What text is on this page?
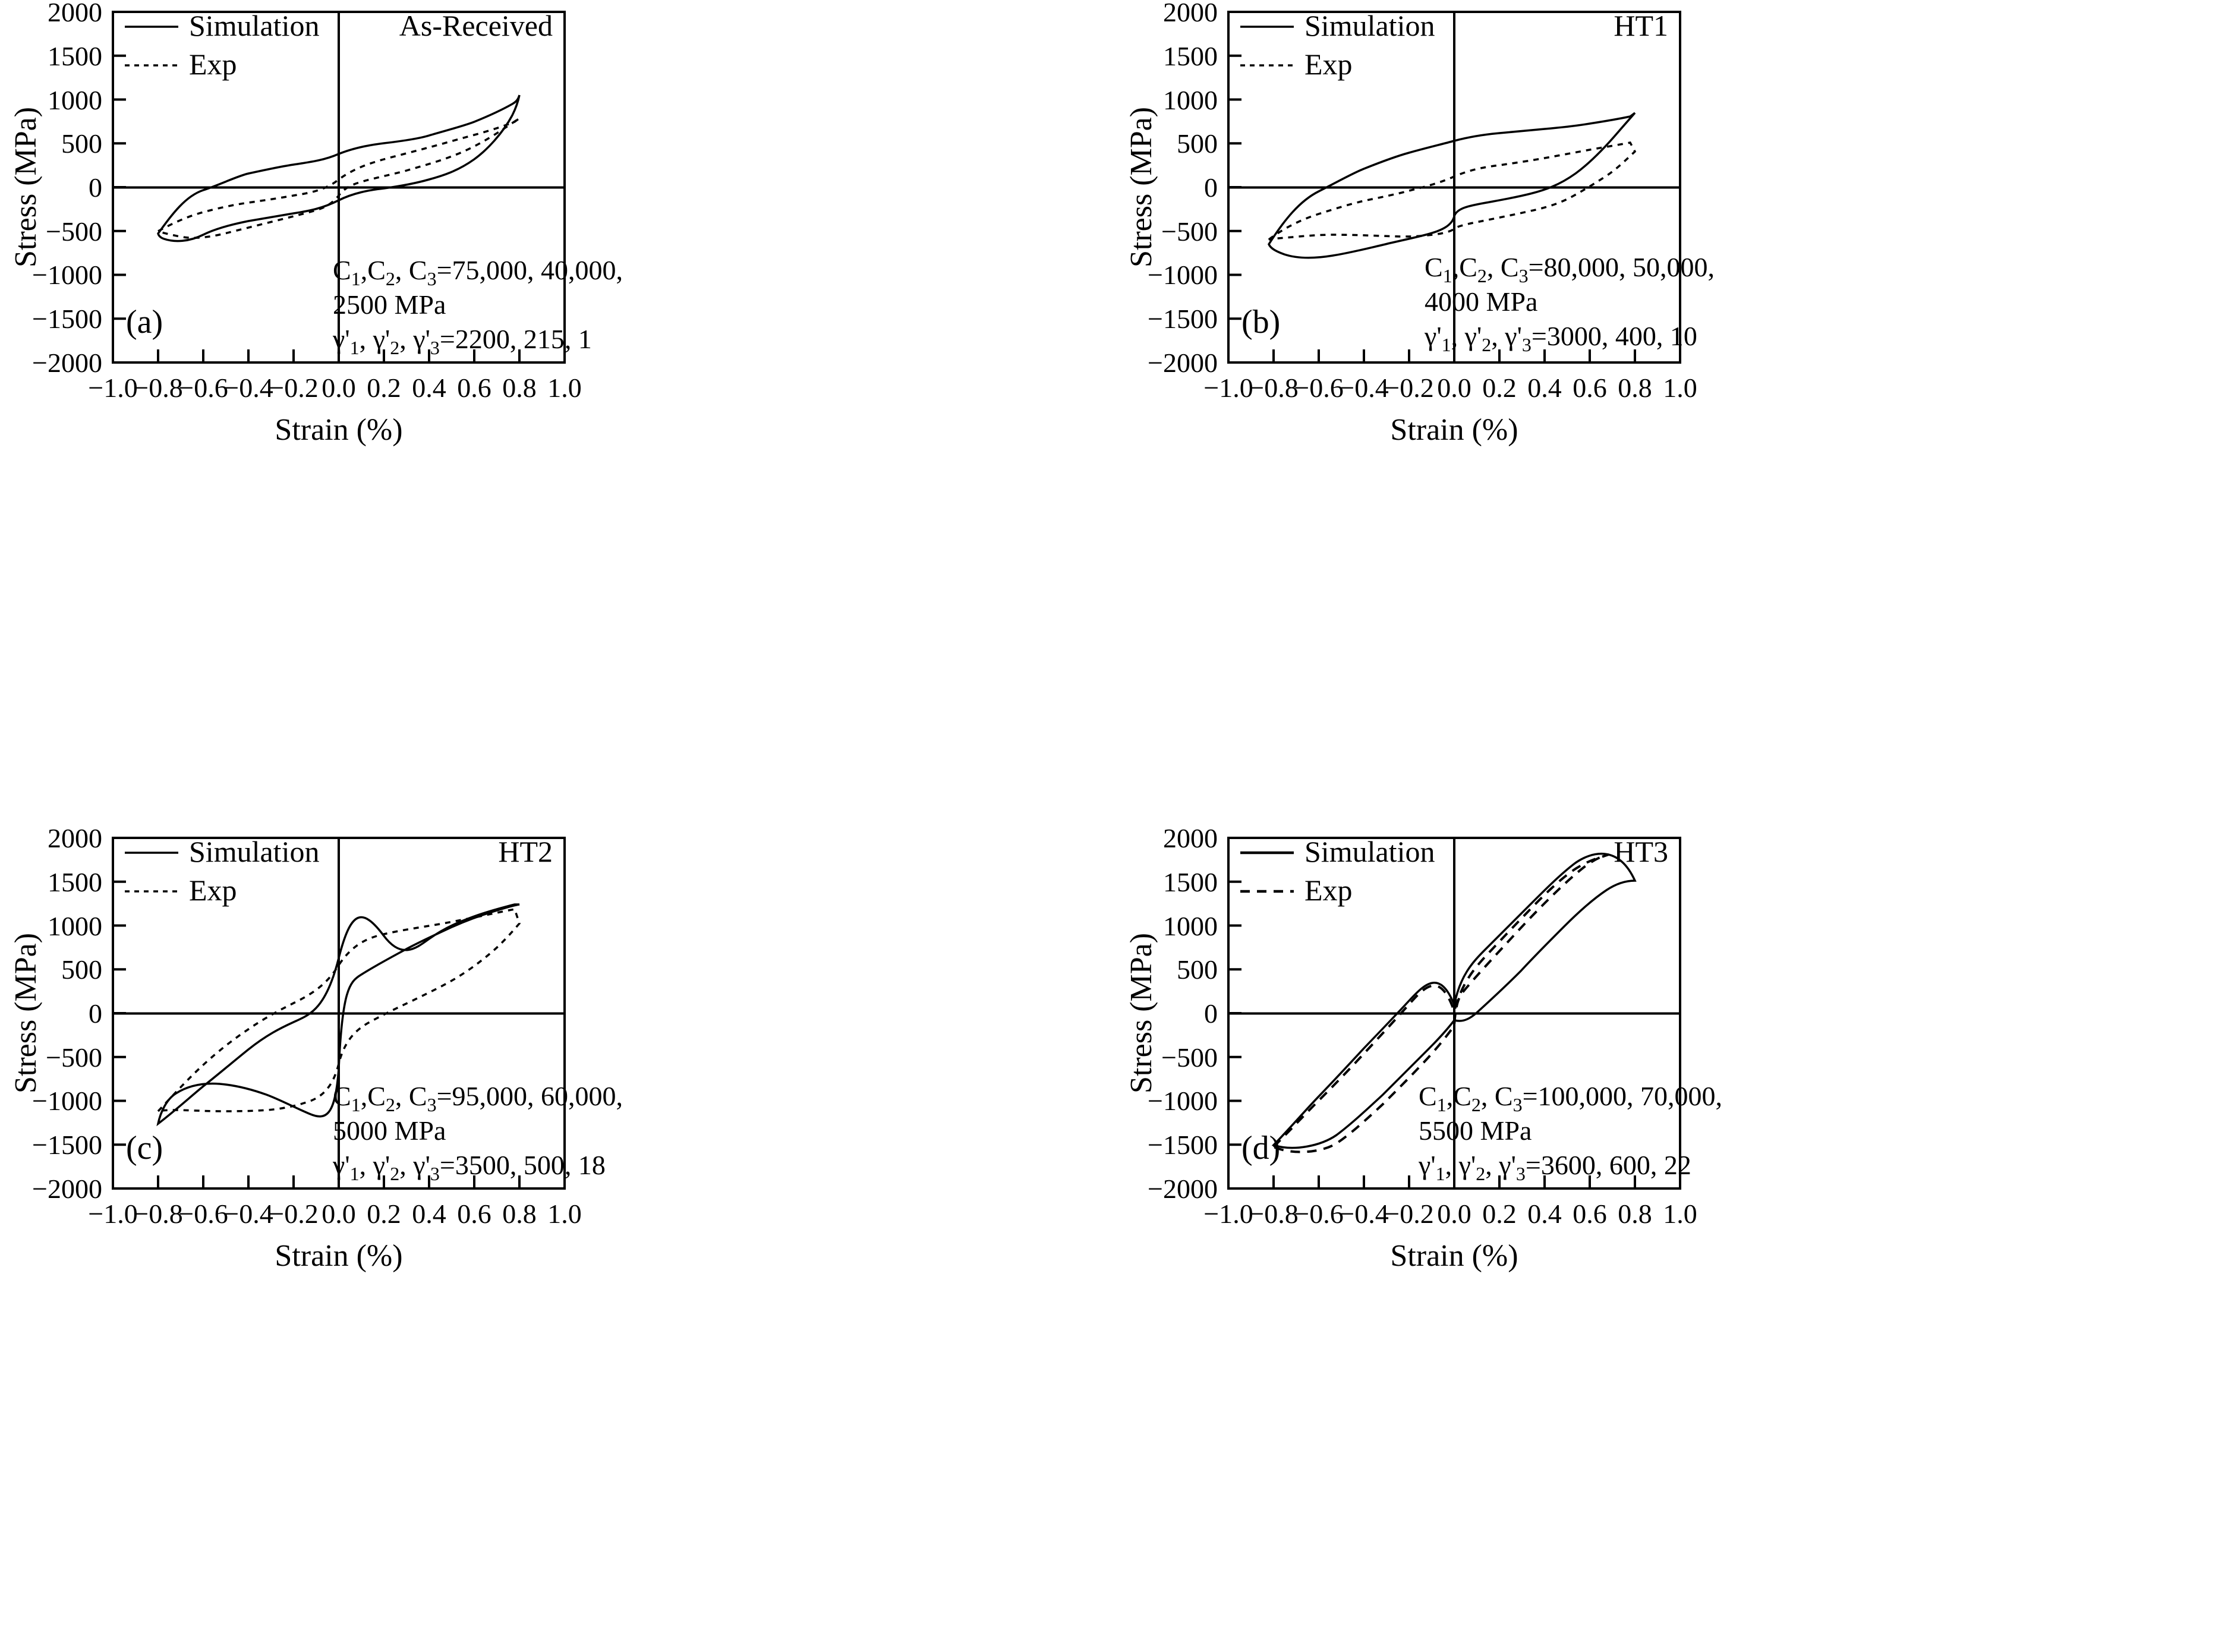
2000
1500
1000
500
0
−500
−1000
−1500
−2000
−1.0
−0.8
−0.6
−0.4
−0.2 0.0 0.2 0.4 0.6 0.8 1.0
Strain (%)
Stress (MPa)
Simulation
Exp
As-Received
(a)
$C_1,C_2$, $C_3=75,000$, 40,000,
2500 MPa
$\gamma'_1$, $\gamma'_2$, $\gamma'_3=2200$, 215, 1
2000
1500
1000
500
0
−500
−1000
−1500
−2000
−1.0
−0.8
−0.6
−0.4
−0.2 0.0 0.2 0.4 0.6 0.8 1.0
Strain (%)
Stress (MPa)
Simulation
Exp
HT1
(b)
$C_1,C_2$, $C_3=80,000$, 50,000,
4000 MPa
$\gamma'_1$, $\gamma'_2$, $\gamma'_3=3000$, 400, 10
2000
1500
1000
500
0
−500
−1000
−1500
−2000
−1.0
−0.8
−0.6
−0.4
−0.2 0.0 0.2 0.4 0.6 0.8 1.0
Strain (%)
Stress (MPa)
Simulation
Exp
HT2
(c)
$C_1,C_2$, $C_3=95,000$, 60,000,
5000 MPa
$\gamma'_1$, $\gamma'_2$, $\gamma'_3=3500$, 500, 18
2000
1500
1000
500
0
−500
−1000
−1500
−2000
−1.0
−0.8
−0.6
−0.4
−0.2 0.0 0.2 0.4 0.6 0.8 1.0
Strain (%)
Stress (MPa)
Simulation
Exp
HT3
(d)
$C_1,C_2$, $C_3=100,000$, 70,000,
5500 MPa
$\gamma'_1$, $\gamma'_2$, $\gamma'_3=3600$, 600, 22
